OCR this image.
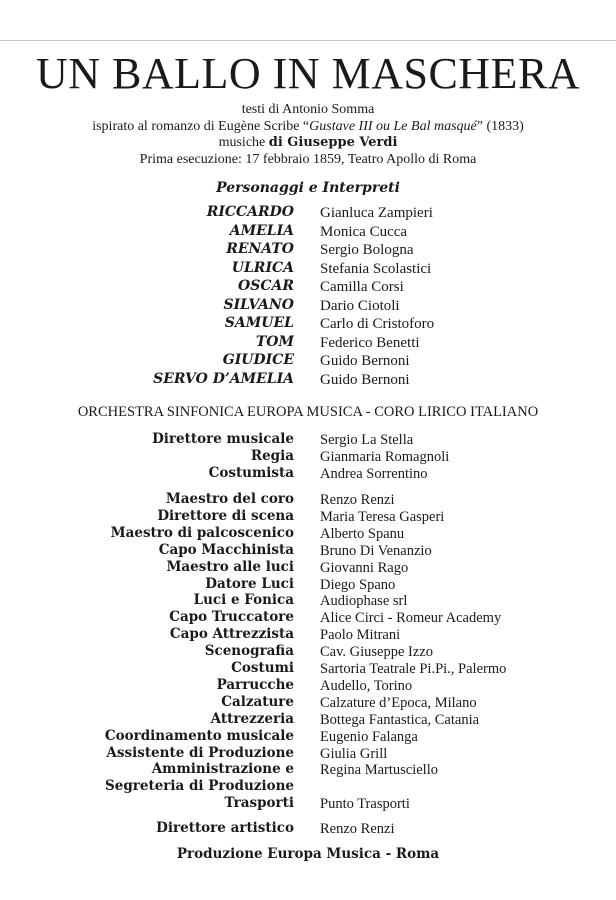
UN BALLO IN MASCHERA
testi di Antonio Somma
ispirato al romanzo di Eugène Scribe “Gustave III ou Le Bal masqué” (1833)
musiche di Giuseppe Verdi
Prima esecuzione: 17 febbraio 1859, Teatro Apollo di Roma
Personaggi e Interpreti
RICCARDO Gianluca Zampieri
AMELIA Monica Cucca
RENATO Sergio Bologna
ULRICA Stefania Scolastici
OSCAR Camilla Corsi
SILVANO Dario Ciotoli
SAMUEL Carlo di Cristoforo
TOM Federico Benetti
GIUDICE Guido Bernoni
SERVO D’AMELIA Guido Bernoni
ORCHESTRA SINFONICA EUROPA MUSICA - CORO LIRICO ITALIANO
Direttore musicale Sergio La Stella
Regia Gianmaria Romagnoli
Costumista Andrea Sorrentino
Maestro del coro Renzo Renzi
Direttore di scena Maria Teresa Gasperi
Maestro di palcoscenico Alberto Spanu
Capo Macchinista Bruno Di Venanzio
Maestro alle luci Giovanni Rago
Datore Luci Diego Spano
Luci e Fonica Audiophase srl
Capo Truccatore Alice Circi - Romeur Academy
Capo Attrezzista Paolo Mitrani
Scenografia Cav. Giuseppe Izzo
Costumi Sartoria Teatrale Pi.Pi., Palermo
Parrucche Audello, Torino
Calzature Calzature d’Epoca, Milano
Attrezzeria Bottega Fantastica, Catania
Coordinamento musicale Eugenio Falanga
Assistente di Produzione Giulia Grill
Amministrazione e Regina Martusciello
Segreteria di Produzione
Trasporti Punto Trasporti
Direttore artistico Renzo Renzi
Produzione Europa Musica - Roma
